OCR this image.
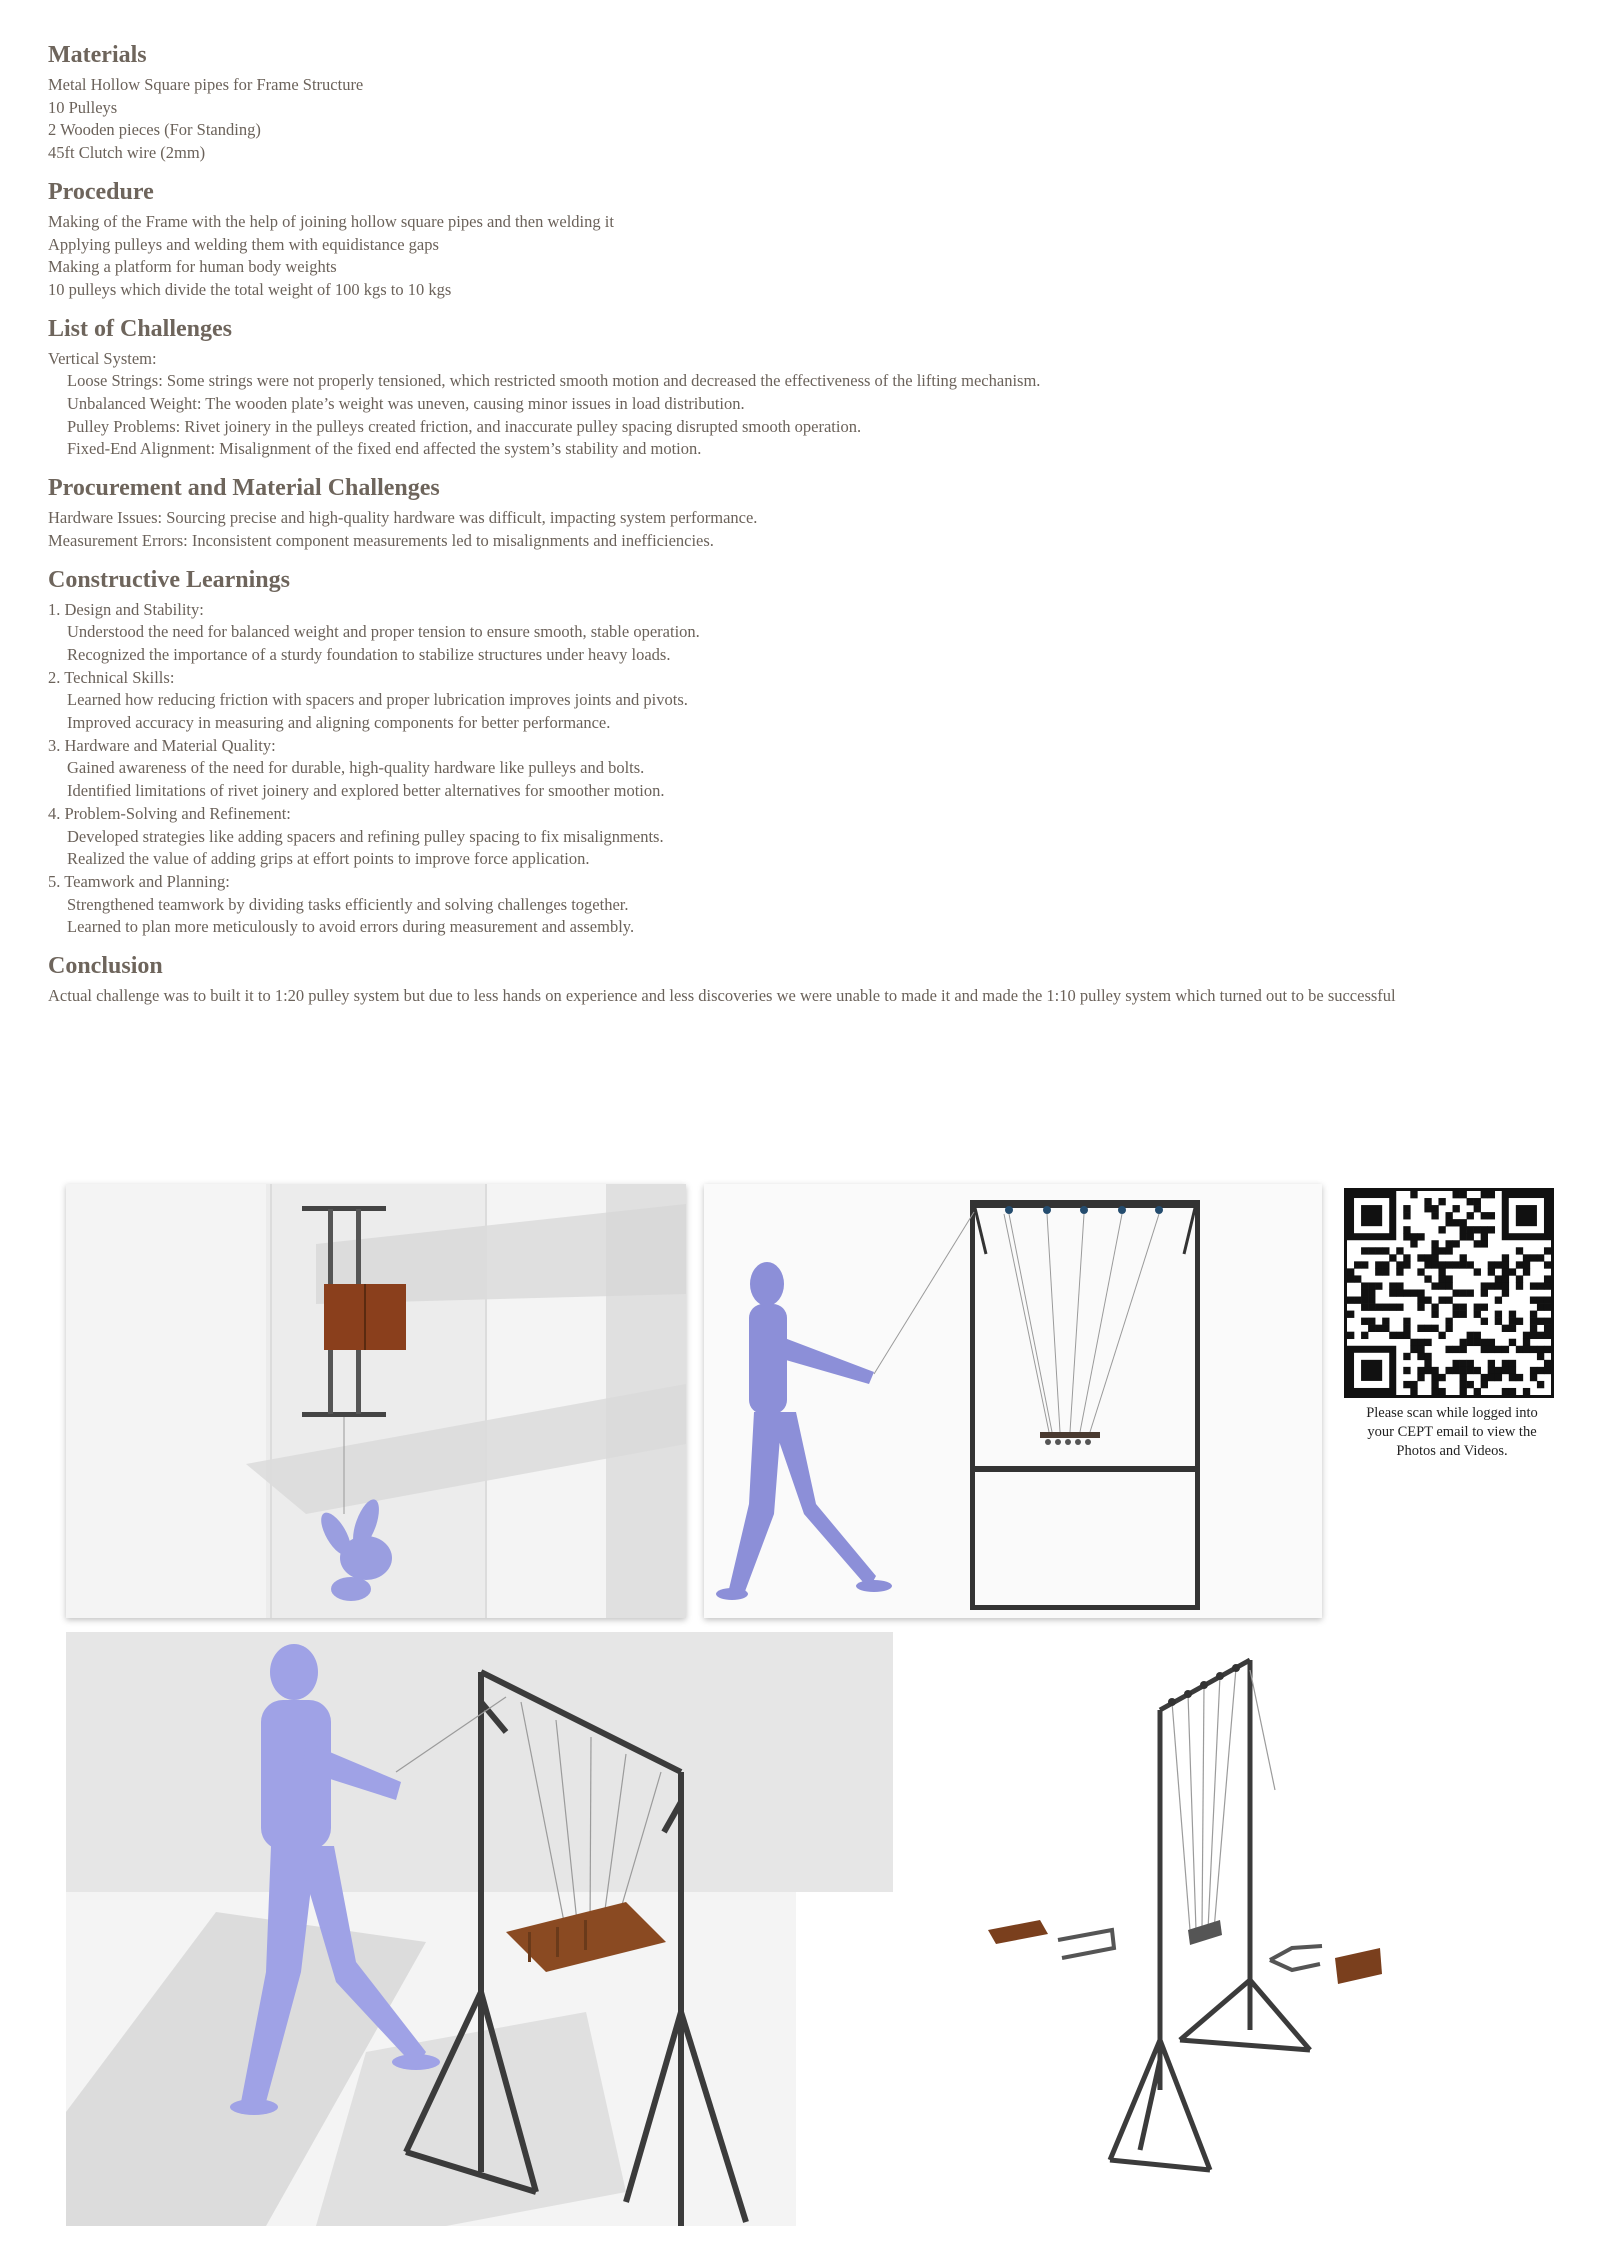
Materials
Metal Hollow Square pipes for Frame Structure
10 Pulleys
2 Wooden pieces (For Standing)
45ft Clutch wire (2mm)
Procedure
Making of the Frame with the help of joining hollow square pipes and then welding it
Applying pulleys and welding them with equidistance gaps
Making a platform for human body weights
10 pulleys which divide the total weight of 100 kgs to 10 kgs
List of Challenges
Vertical System:
Loose Strings: Some strings were not properly tensioned, which restricted smooth motion and decreased the effectiveness of the lifting mechanism.
Unbalanced Weight: The wooden plate’s weight was uneven, causing minor issues in load distribution.
Pulley Problems: Rivet joinery in the pulleys created friction, and inaccurate pulley spacing disrupted smooth operation.
Fixed-End Alignment: Misalignment of the fixed end affected the system’s stability and motion.
Procurement and Material Challenges
Hardware Issues: Sourcing precise and high-quality hardware was difficult, impacting system performance.
Measurement Errors: Inconsistent component measurements led to misalignments and inefficiencies.
Constructive Learnings
1. Design and Stability:
Understood the need for balanced weight and proper tension to ensure smooth, stable operation.
Recognized the importance of a sturdy foundation to stabilize structures under heavy loads.
2. Technical Skills:
Learned how reducing friction with spacers and proper lubrication improves joints and pivots.
Improved accuracy in measuring and aligning components for better performance.
3. Hardware and Material Quality:
Gained awareness of the need for durable, high-quality hardware like pulleys and bolts.
Identified limitations of rivet joinery and explored better alternatives for smoother motion.
4. Problem-Solving and Refinement:
Developed strategies like adding spacers and refining pulley spacing to fix misalignments.
Realized the value of adding grips at effort points to improve force application.
5. Teamwork and Planning:
Strengthened teamwork by dividing tasks efficiently and solving challenges together.
Learned to plan more meticulously to avoid errors during measurement and assembly.
Conclusion
Actual challenge was to built it to 1:20 pulley system but due to less hands on experience and less discoveries we were unable to made it and made the 1:10 pulley system which turned out to be successful
Please scan while logged into
your CEPT email to view the
Photos and Videos.
